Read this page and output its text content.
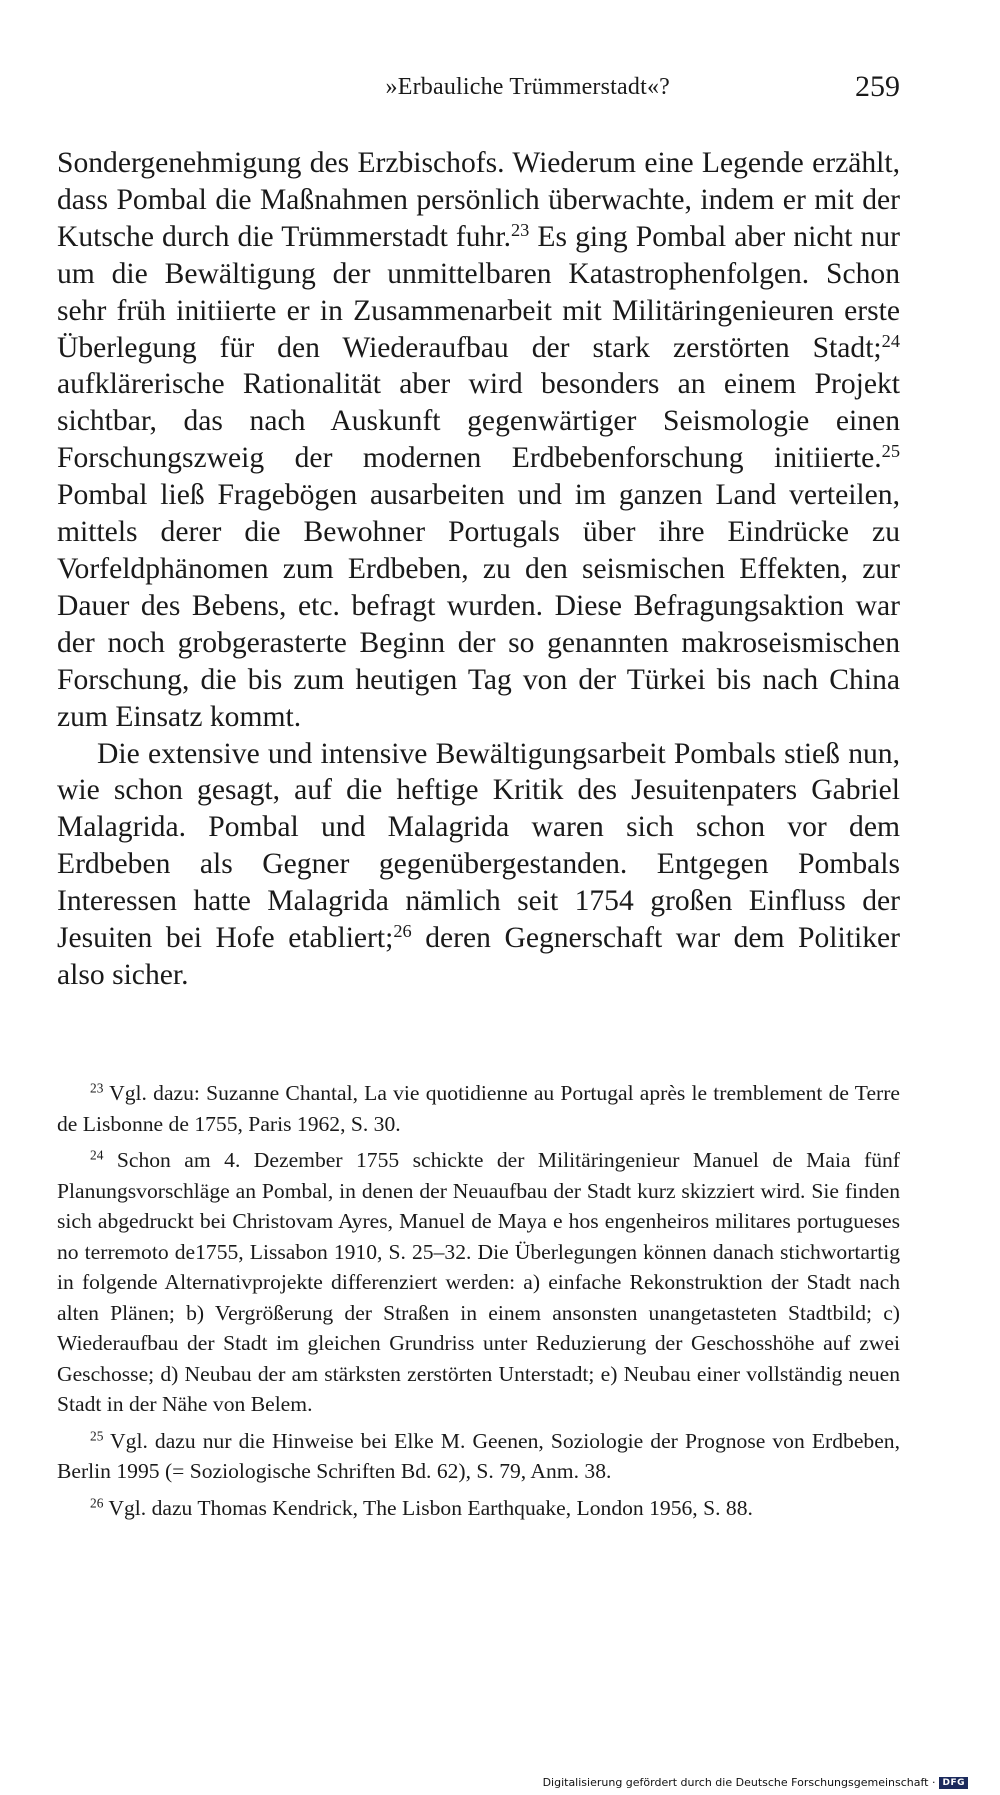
»Erbauliche Trümmerstadt«?	259

Sondergenehmigung des Erzbischofs. Wiederum eine Legende erzählt, dass Pombal die Maßnahmen persönlich überwachte, indem er mit der Kutsche durch die Trümmerstadt fuhr.$^{23}$ Es ging Pombal aber nicht nur um die Bewältigung der unmittelbaren Katastrophenfolgen. Schon sehr früh initiierte er in Zusammenarbeit mit Militäringenieuren erste Überlegung für den Wiederaufbau der stark zerstörten Stadt;$^{24}$ aufklärerische Rationalität aber wird besonders an einem Projekt sichtbar, das nach Auskunft gegenwärtiger Seismologie einen Forschungszweig der modernen Erdbebenforschung initiierte.$^{25}$ Pombal ließ Fragebögen ausarbeiten und im ganzen Land verteilen, mittels derer die Bewohner Portugals über ihre Eindrücke zu Vorfeldphänomen zum Erdbeben, zu den seismischen Effekten, zur Dauer des Bebens, etc. befragt wurden. Diese Befragungsaktion war der noch grobgerasterte Beginn der so genannten makroseismischen Forschung, die bis zum heutigen Tag von der Türkei bis nach China zum Einsatz kommt.

Die extensive und intensive Bewältigungsarbeit Pombals stieß nun, wie schon gesagt, auf die heftige Kritik des Jesuitenpaters Gabriel Malagrida. Pombal und Malagrida waren sich schon vor dem Erdbeben als Gegner gegenübergestanden. Entgegen Pombals Interessen hatte Malagrida nämlich seit 1754 großen Einfluss der Jesuiten bei Hofe etabliert;$^{26}$ deren Gegnerschaft war dem Politiker also sicher.

$^{23}$ Vgl. dazu: Suzanne Chantal, La vie quotidienne au Portugal après le tremblement de Terre de Lisbonne de 1755, Paris 1962, S. 30.

$^{24}$ Schon am 4. Dezember 1755 schickte der Militäringenieur Manuel de Maia fünf Planungsvorschläge an Pombal, in denen der Neuaufbau der Stadt kurz skizziert wird. Sie finden sich abgedruckt bei Christovam Ayres, Manuel de Maya e hos engenheiros militares portugueses no terremoto de1755, Lissabon 1910, S. 25–32. Die Überlegungen können danach stichwortartig in folgende Alternativprojekte differenziert werden: a) einfache Rekonstruktion der Stadt nach alten Plänen; b) Vergrößerung der Straßen in einem ansonsten unangetasteten Stadtbild; c) Wiederaufbau der Stadt im gleichen Grundriss unter Reduzierung der Geschosshöhe auf zwei Geschosse; d) Neubau der am stärksten zerstörten Unterstadt; e) Neubau einer vollständig neuen Stadt in der Nähe von Belem.

$^{25}$ Vgl. dazu nur die Hinweise bei Elke M. Geenen, Soziologie der Prognose von Erdbeben, Berlin 1995 (= Soziologische Schriften Bd. 62), S. 79, Anm. 38.

$^{26}$ Vgl. dazu Thomas Kendrick, The Lisbon Earthquake, London 1956, S. 88.

Digitalisierung gefördert durch die Deutsche Forschungsgemeinschaft · DFG
